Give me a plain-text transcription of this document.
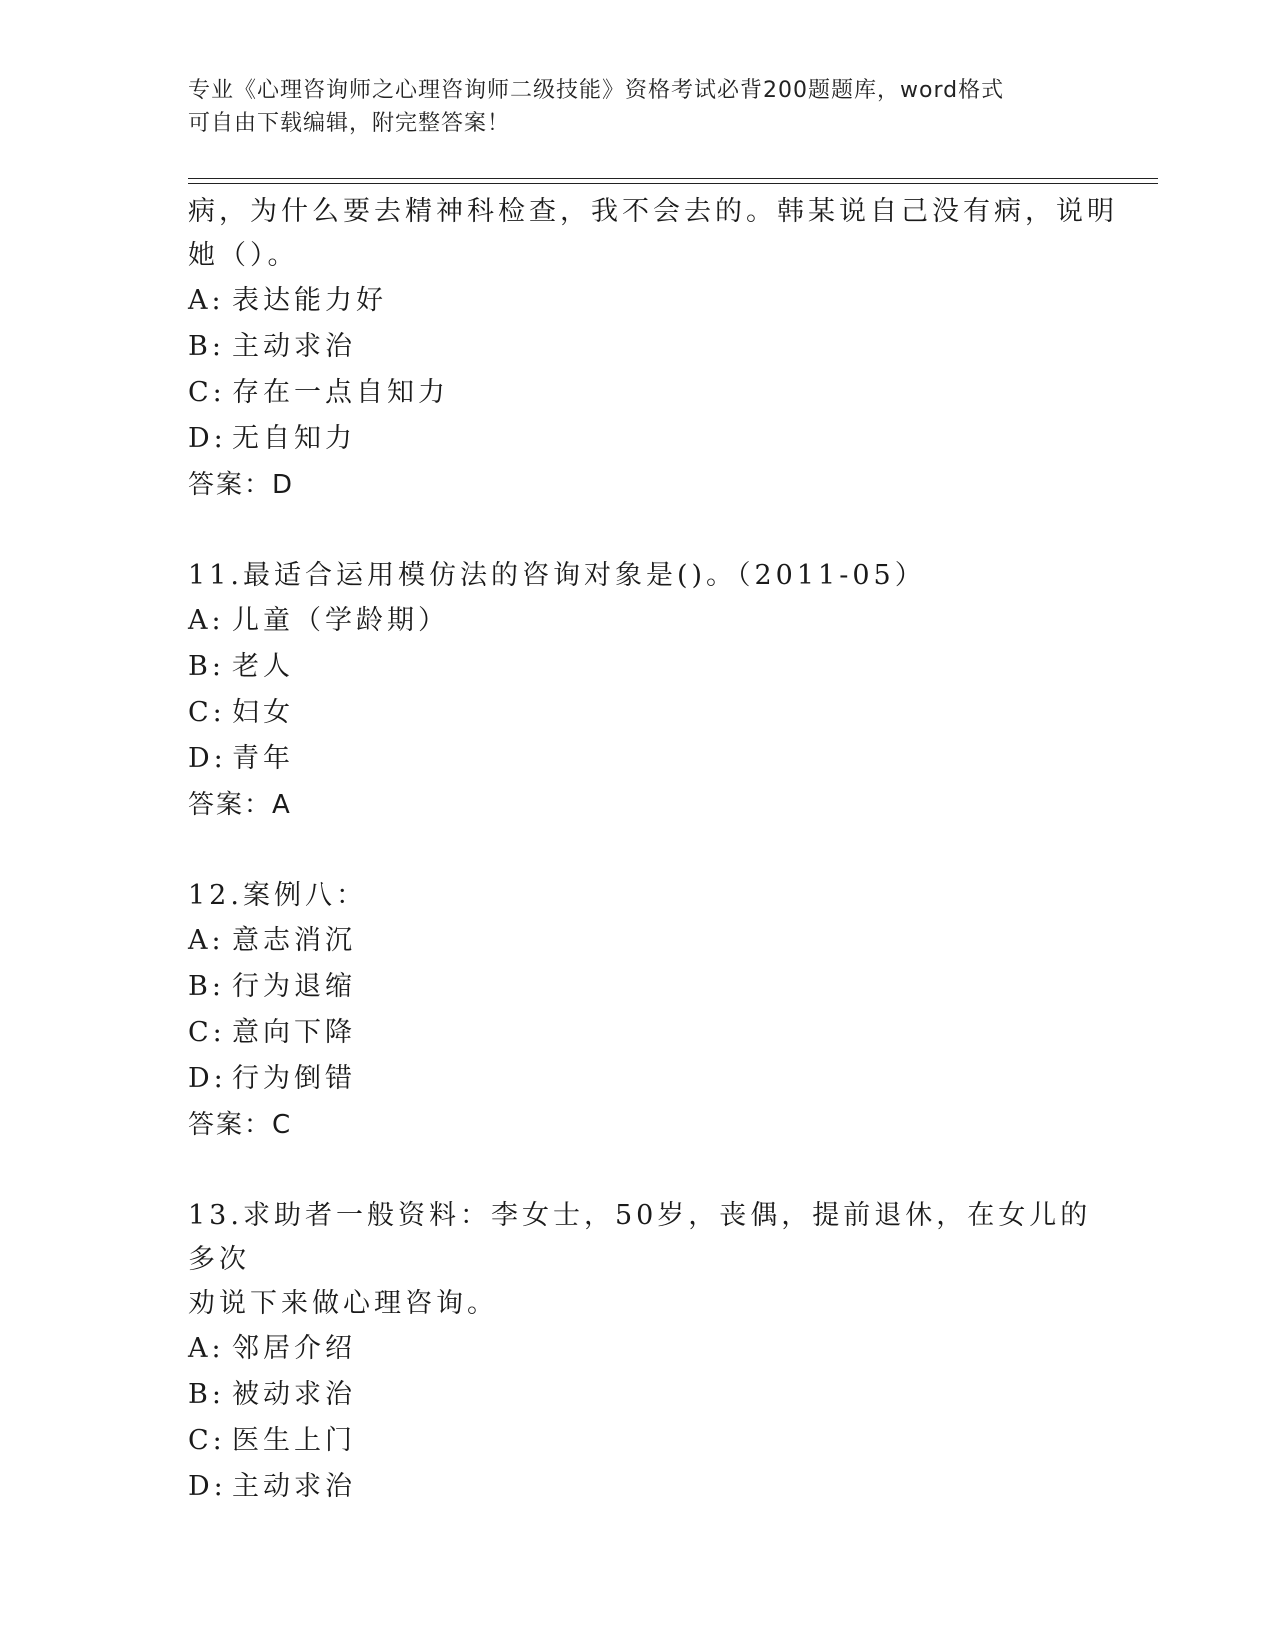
专业《心理咨询师之心理咨询师二级技能》资格考试必背200题题库，word格式
可自由下载编辑，附完整答案！

病，为什么要去精神科检查，我不会去的。韩某说自己没有病，说明
她（）。

A: 表达能力好
B: 主动求治
C: 存在一点自知力
D: 无自知力
答案：D

11.最适合运用模仿法的咨询对象是()。（2011-05）

A: 儿童（学龄期）
B: 老人
C: 妇女
D: 青年
答案：A

12.案例八：

A: 意志消沉
B: 行为退缩
C: 意向下降
D: 行为倒错
答案：C

13.求助者一般资料：李女士，50岁，丧偶，提前退休，在女儿的多次
劝说下来做心理咨询。

A: 邻居介绍
B: 被动求治
C: 医生上门
D: 主动求治
